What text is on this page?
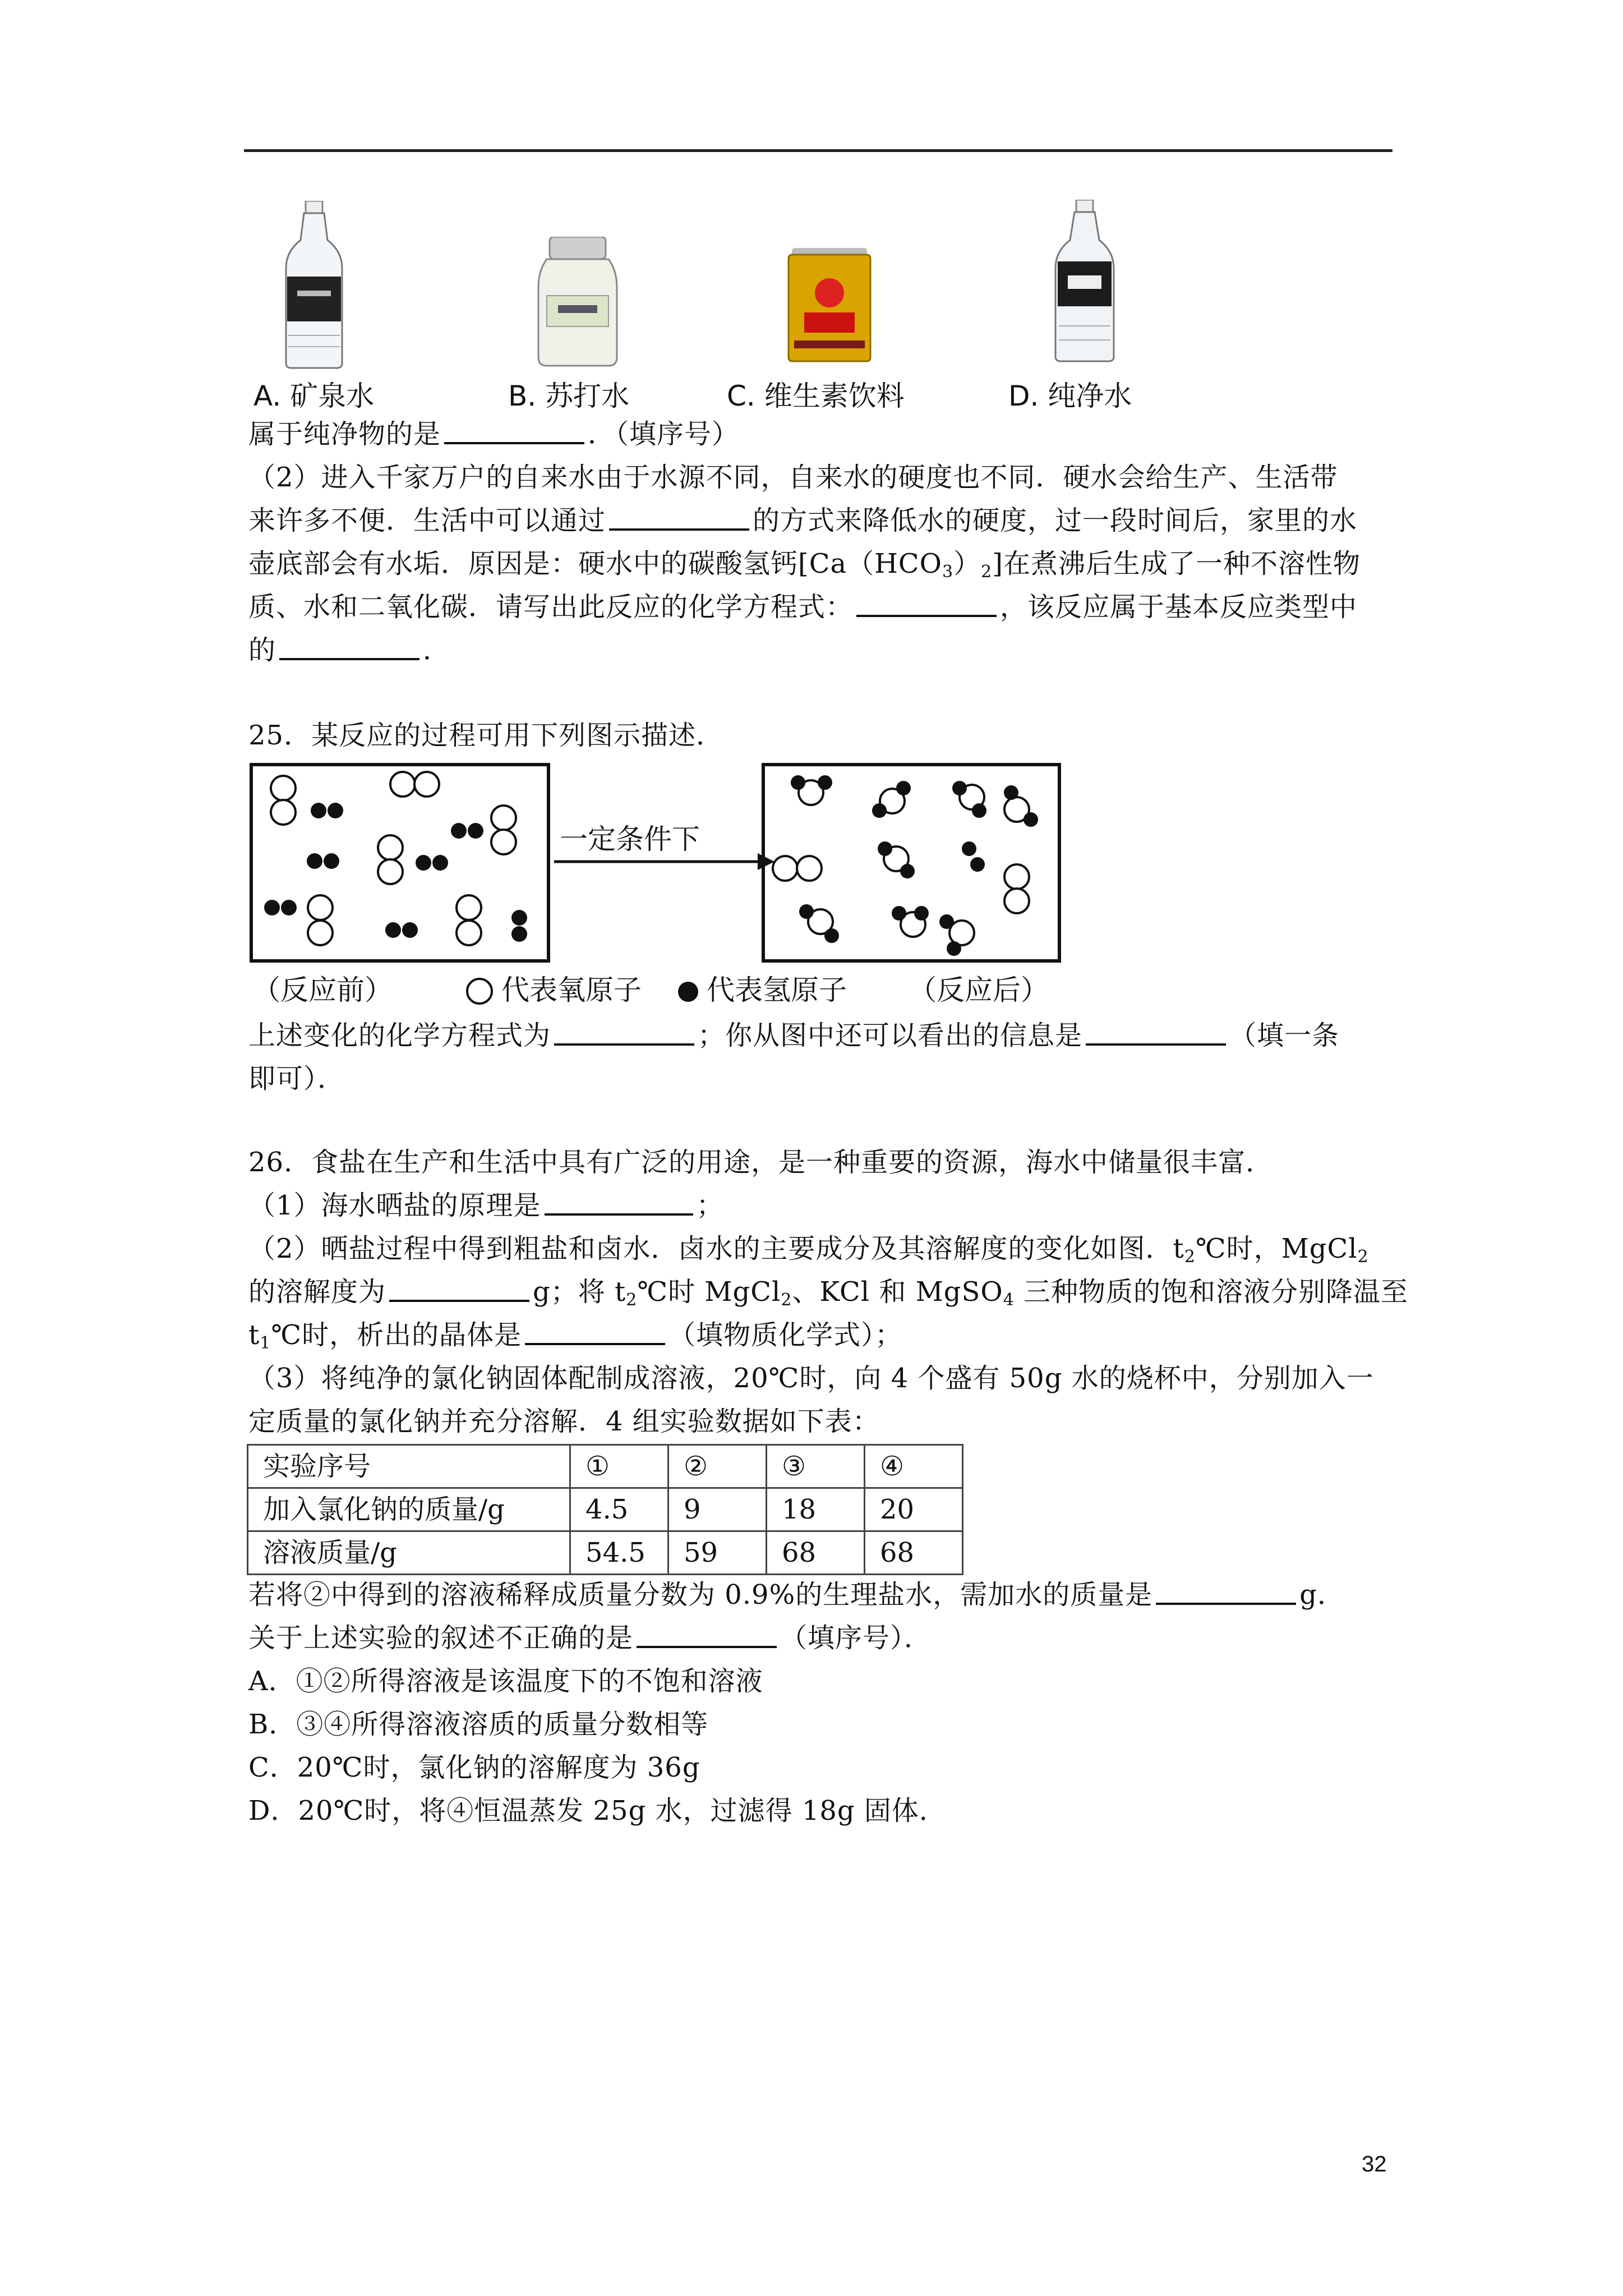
A. 矿泉水	B. 苏打水	C. 维生素饮料	D. 纯净水
属于纯净物的是	．（填序号）
（2）进入千家万户的自来水由于水源不同，自来水的硬度也不同．硬水会给生产、生活带
来许多不便．生活中可以通过	的方式来降低水的硬度，过一段时间后，家里的水
壶底部会有水垢．原因是：硬水中的碳酸氢钙$[Ca(HCO_3)_2]$在煮沸后生成了一种不溶性物
质、水和二氧化碳．请写出此反应的化学方程式：	，该反应属于基本反应类型中
的	．
25．某反应的过程可用下列图示描述．
一定条件下
（反应前）	代表氧原子 代表氢原子 （反应后）
上述变化的化学方程式为	；你从图中还可以看出的信息是	（填一条
即可）．
26．食盐在生产和生活中具有广泛的用途，是一种重要的资源，海水中储量很丰富．
（1）海水晒盐的原理是	；
（2）晒盐过程中得到粗盐和卤水．卤水的主要成分及其溶解度的变化如图．$t_2℃$时，MgCl$_2$
的溶解度为	g；将 $t_2℃$时 MgCl$_2$、KCl 和 MgSO$_4$ 三种物质的饱和溶液分别降温至
$t_1℃$时，析出的晶体是	（填物质化学式）；
（3）将纯净的氯化钠固体配制成溶液，20℃时，向 4 个盛有 50g 水的烧杯中，分别加入一
定质量的氯化钠并充分溶解．4 组实验数据如下表：
实验序号	①	②	③	④
加入氯化钠的质量/g	4.5	9	18	20
溶液质量/g	54.5	59	68	68
若将②中得到的溶液稀释成质量分数为 0.9%的生理盐水，需加水的质量是	g．
关于上述实验的叙述不正确的是	（填序号）．
A．①②所得溶液是该温度下的不饱和溶液
B．③④所得溶液溶质的质量分数相等
C．20℃时，氯化钠的溶解度为 36g
D．20℃时，将④恒温蒸发 25g 水，过滤得 18g 固体．
32
